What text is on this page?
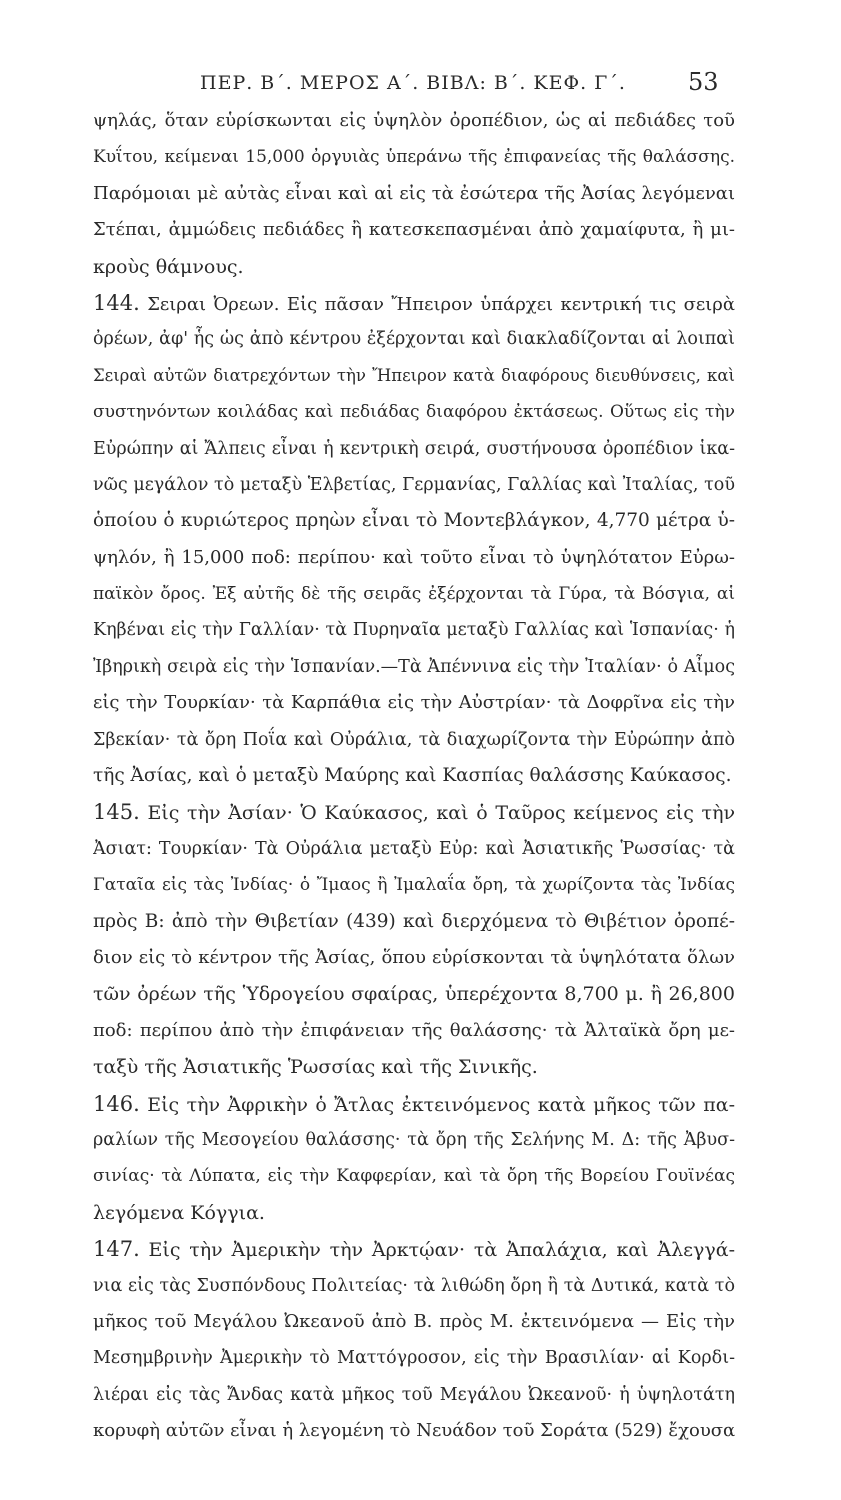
ΠΕΡ. Β΄. ΜΕΡΟΣ Α΄. ΒΙΒΛ: Β΄. ΚΕΦ. Γ΄.	53
ψηλάς, ὅταν εὑρίσκωνται εἰς ὑψηλὸν ὀροπέδιον, ὡς αἱ πεδιάδες τοῦ
Κυΐτου, κείμεναι 15,000 ὀργυιὰς ὑπεράνω τῆς ἐπιφανείας τῆς θαλάσσης.
Παρόμοιαι μὲ αὐτὰς εἶναι καὶ αἱ εἰς τὰ ἐσώτερα τῆς Ἀσίας λεγόμεναι
Στέπαι, ἀμμώδεις πεδιάδες ἢ κατεσκεπασμέναι ἀπὸ χαμαίφυτα, ἢ μι-
κροὺς θάμνους.
144. Σειραι Ὀρεων. Εἰς πᾶσαν Ἤπειρον ὑπάρχει κεντρική τις σειρὰ
ὀρέων, ἀφ' ἧς ὡς ἀπὸ κέντρου ἐξέρχονται καὶ διακλαδίζονται αἱ λοιπαὶ
Σειραὶ αὐτῶν διατρεχόντων τὴν Ἤπειρον κατὰ διαφόρους διευθύνσεις, καὶ
συστηνόντων κοιλάδας καὶ πεδιάδας διαφόρου ἐκτάσεως. Οὕτως εἰς τὴν
Εὐρώπην αἱ Ἄλπεις εἶναι ἡ κεντρικὴ σειρά, συστήνουσα ὀροπέδιον ἱκα-
νῶς μεγάλον τὸ μεταξὺ Ἑλβετίας, Γερμανίας, Γαλλίας καὶ Ἰταλίας, τοῦ
ὁποίου ὁ κυριώτερος πρηὼν εἶναι τὸ Μοντεβλάγκον, 4,770 μέτρα ὑ-
ψηλόν, ἢ 15,000 ποδ: περίπου· καὶ τοῦτο εἶναι τὸ ὑψηλότατον Εὐρω-
παϊκὸν ὄρος. Ἐξ αὐτῆς δὲ τῆς σειρᾶς ἐξέρχονται τὰ Γύρα, τὰ Βόσγια, αἱ
Κηβέναι εἰς τὴν Γαλλίαν· τὰ Πυρηναῖα μεταξὺ Γαλλίας καὶ Ἱσπανίας· ἡ
Ἰβηρικὴ σειρὰ εἰς τὴν Ἱσπανίαν.—Τὰ Ἀπέννινα εἰς τὴν Ἰταλίαν· ὁ Αἶμος
εἰς τὴν Τουρκίαν· τὰ Καρπάθια εἰς τὴν Αὐστρίαν· τὰ Δοφρῖνα εἰς τὴν
Σβεκίαν· τὰ ὄρη Ποΐα καὶ Οὐράλια, τὰ διαχωρίζοντα τὴν Εὐρώπην ἀπὸ
τῆς Ἀσίας, καὶ ὁ μεταξὺ Μαύρης καὶ Κασπίας θαλάσσης Καύκασος.
145. Εἰς τὴν Ἀσίαν· Ὁ Καύκασος, καὶ ὁ Ταῦρος κείμενος εἰς τὴν
Ἀσιατ: Τουρκίαν· Τὰ Οὐράλια μεταξὺ Εὐρ: καὶ Ἀσιατικῆς Ῥωσσίας· τὰ
Γαταῖα εἰς τὰς Ἰνδίας· ὁ Ἴμαος ἢ Ἰμαλαΐα ὄρη, τὰ χωρίζοντα τὰς Ἰνδίας
πρὸς Β: ἀπὸ τὴν Θιβετίαν (439) καὶ διερχόμενα τὸ Θιβέτιον ὀροπέ-
διον εἰς τὸ κέντρον τῆς Ἀσίας, ὅπου εὑρίσκονται τὰ ὑψηλότατα ὅλων
τῶν ὀρέων τῆς Ὑδρογείου σφαίρας, ὑπερέχοντα 8,700 μ. ἢ 26,800
ποδ: περίπου ἀπὸ τὴν ἐπιφάνειαν τῆς θαλάσσης· τὰ Ἀλταϊκὰ ὄρη με-
ταξὺ τῆς Ἀσιατικῆς Ῥωσσίας καὶ τῆς Σινικῆς.
146. Εἰς τὴν Ἀφρικὴν ὁ Ἄτλας ἐκτεινόμενος κατὰ μῆκος τῶν πα-
ραλίων τῆς Μεσογείου θαλάσσης· τὰ ὄρη τῆς Σελήνης Μ. Δ: τῆς Ἀβυσ-
σινίας· τὰ Λύπατα, εἰς τὴν Καφφερίαν, καὶ τὰ ὄρη τῆς Βορείου Γουϊνέας
λεγόμενα Κόγγια.
147. Εἰς τὴν Ἀμερικὴν τὴν Ἀρκτῴαν· τὰ Ἀπαλάχια, καὶ Ἀλεγγά-
νια εἰς τὰς Συσπόνδους Πολιτείας· τὰ λιθώδη ὄρη ἢ τὰ Δυτικά, κατὰ τὸ
μῆκος τοῦ Μεγάλου Ὠκεανοῦ ἀπὸ Β. πρὸς Μ. ἐκτεινόμενα — Εἰς τὴν
Μεσημβρινὴν Ἀμερικὴν τὸ Ματτόγροσον, εἰς τὴν Βρασιλίαν· αἱ Κορδι-
λιέραι εἰς τὰς Ἄνδας κατὰ μῆκος τοῦ Μεγάλου Ὠκεανοῦ· ἡ ὑψηλοτάτη
κορυφὴ αὐτῶν εἶναι ἡ λεγομένη τὸ Νευάδον τοῦ Σοράτα (529) ἔχουσα
